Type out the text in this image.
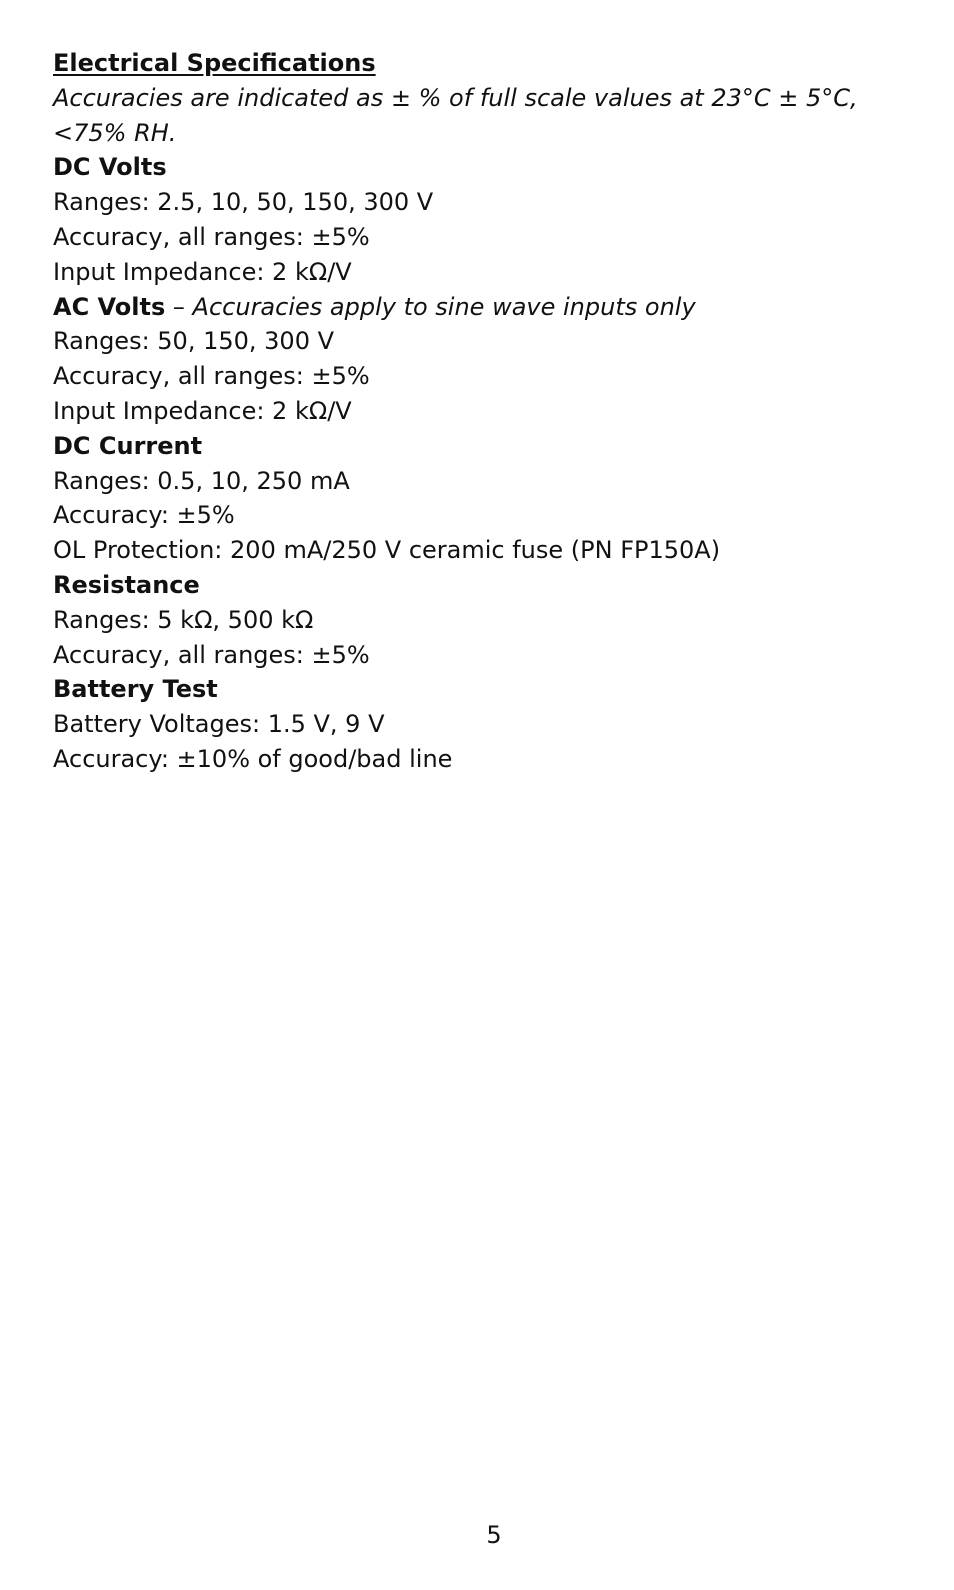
Electrical Specifications
Accuracies are indicated as ± % of full scale values at 23°C ± 5°C, <75% RH.
DC Volts
Ranges: 2.5, 10, 50, 150, 300 V
Accuracy, all ranges: ±5%
Input Impedance: 2 kΩ/V
AC Volts – Accuracies apply to sine wave inputs only
Ranges: 50, 150, 300 V
Accuracy, all ranges: ±5%
Input Impedance: 2 kΩ/V
DC Current
Ranges: 0.5, 10, 250 mA
Accuracy: ±5%
OL Protection: 200 mA/250 V ceramic fuse (PN FP150A)
Resistance
Ranges: 5 kΩ, 500 kΩ
Accuracy, all ranges: ±5%
Battery Test
Battery Voltages: 1.5 V, 9 V
Accuracy: ±10% of good/bad line
5
